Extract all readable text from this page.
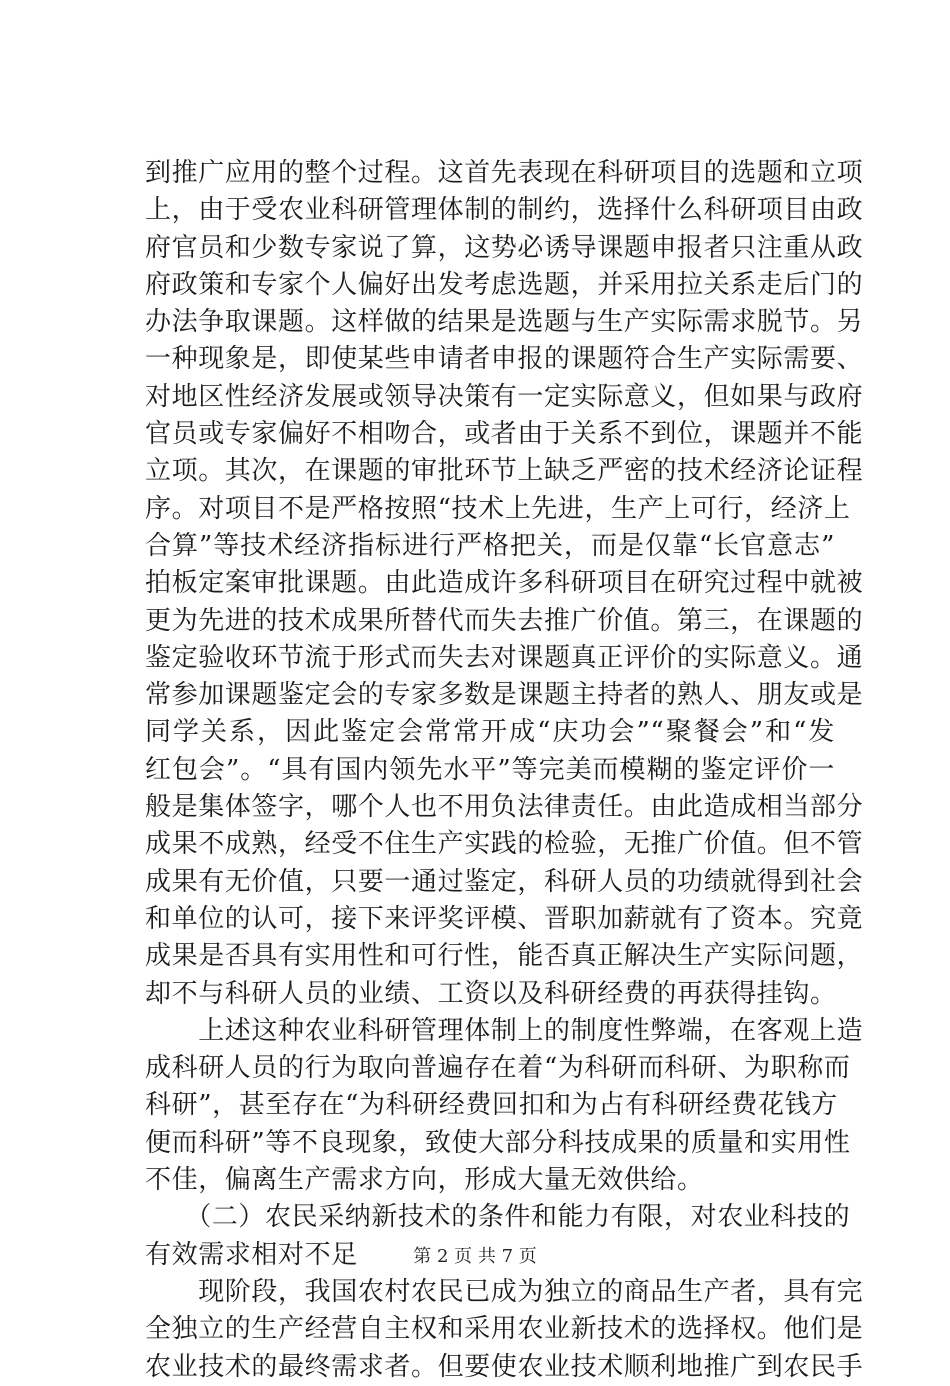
到推广应用的整个过程。这首先表现在科研项目的选题和立项
上，由于受农业科研管理体制的制约，选择什么科研项目由政
府官员和少数专家说了算，这势必诱导课题申报者只注重从政
府政策和专家个人偏好出发考虑选题，并采用拉关系走后门的
办法争取课题。这样做的结果是选题与生产实际需求脱节。另
一种现象是，即使某些申请者申报的课题符合生产实际需要、
对地区性经济发展或领导决策有一定实际意义，但如果与政府
官员或专家偏好不相吻合，或者由于关系不到位，课题并不能
立项。其次，在课题的审批环节上缺乏严密的技术经济论证程
序。对项目不是严格按照“技术上先进，生产上可行，经济上
合算”等技术经济指标进行严格把关，而是仅靠“长官意志”
拍板定案审批课题。由此造成许多科研项目在研究过程中就被
更为先进的技术成果所替代而失去推广价值。第三，在课题的
鉴定验收环节流于形式而失去对课题真正评价的实际意义。通
常参加课题鉴定会的专家多数是课题主持者的熟人、朋友或是
同学关系，因此鉴定会常常开成“庆功会”“聚餐会”和“发
红包会”。“具有国内领先水平”等完美而模糊的鉴定评价一
般是集体签字，哪个人也不用负法律责任。由此造成相当部分
成果不成熟，经受不住生产实践的检验，无推广价值。但不管
成果有无价值，只要一通过鉴定，科研人员的功绩就得到社会
和单位的认可，接下来评奖评模、晋职加薪就有了资本。究竟
成果是否具有实用性和可行性，能否真正解决生产实际问题，
却不与科研人员的业绩、工资以及科研经费的再获得挂钩。
　　上述这种农业科研管理体制上的制度性弊端，在客观上造
成科研人员的行为取向普遍存在着“为科研而科研、为职称而
科研”，甚至存在“为科研经费回扣和为占有科研经费花钱方
便而科研”等不良现象，致使大部分科技成果的质量和实用性
不佳，偏离生产需求方向，形成大量无效供给。
　　（二）农民采纳新技术的条件和能力有限，对农业科技的
有效需求相对不足
　　现阶段，我国农村农民已成为独立的商品生产者，具有完
全独立的生产经营自主权和采用农业新技术的选择权。他们是
农业技术的最终需求者。但要使农业技术顺利地推广到农民手
第 2 页 共 7 页
